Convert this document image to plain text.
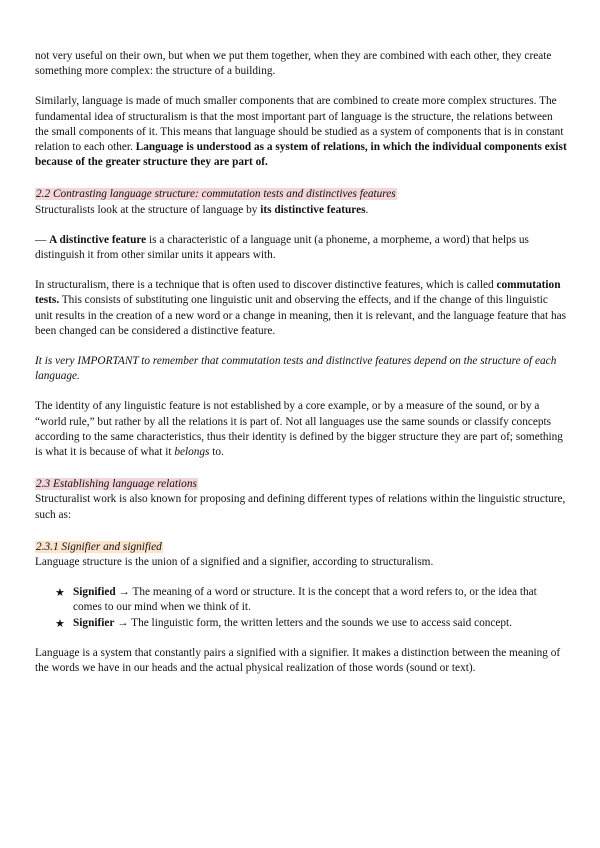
not very useful on their own, but when we put them together, when they are combined with each other, they create something more complex: the structure of a building.

Similarly, language is made of much smaller components that are combined to create more complex structures. The fundamental idea of structuralism is that the most important part of language is the structure, the relations between the small components of it. This means that language should be studied as a system of components that is in constant relation to each other. Language is understood as a system of relations, in which the individual components exist because of the greater structure they are part of.

2.2 Contrasting language structure: commutation tests and distinctives features

Structuralists look at the structure of language by its distinctive features.

— A distinctive feature is a characteristic of a language unit (a phoneme, a morpheme, a word) that helps us distinguish it from other similar units it appears with.

In structuralism, there is a technique that is often used to discover distinctive features, which is called commutation tests. This consists of substituting one linguistic unit and observing the effects, and if the change of this linguistic unit results in the creation of a new word or a change in meaning, then it is relevant, and the language feature that has been changed can be considered a distinctive feature.

It is very IMPORTANT to remember that commutation tests and distinctive features depend on the structure of each language.

The identity of any linguistic feature is not established by a core example, or by a measure of the sound, or by a “world rule,” but rather by all the relations it is part of. Not all languages use the same sounds or classify concepts according to the same characteristics, thus their identity is defined by the bigger structure they are part of; something is what it is because of what it belongs to.

2.3 Establishing language relations

Structuralist work is also known for proposing and defining different types of relations within the linguistic structure, such as:

2.3.1 Signifier and signified

Language structure is the union of a signified and a signifier, according to structuralism.

★ Signified → The meaning of a word or structure. It is the concept that a word refers to, or the idea that comes to our mind when we think of it.
★ Signifier → The linguistic form, the written letters and the sounds we use to access said concept.

Language is a system that constantly pairs a signified with a signifier. It makes a distinction between the meaning of the words we have in our heads and the actual physical realization of those words (sound or text).
